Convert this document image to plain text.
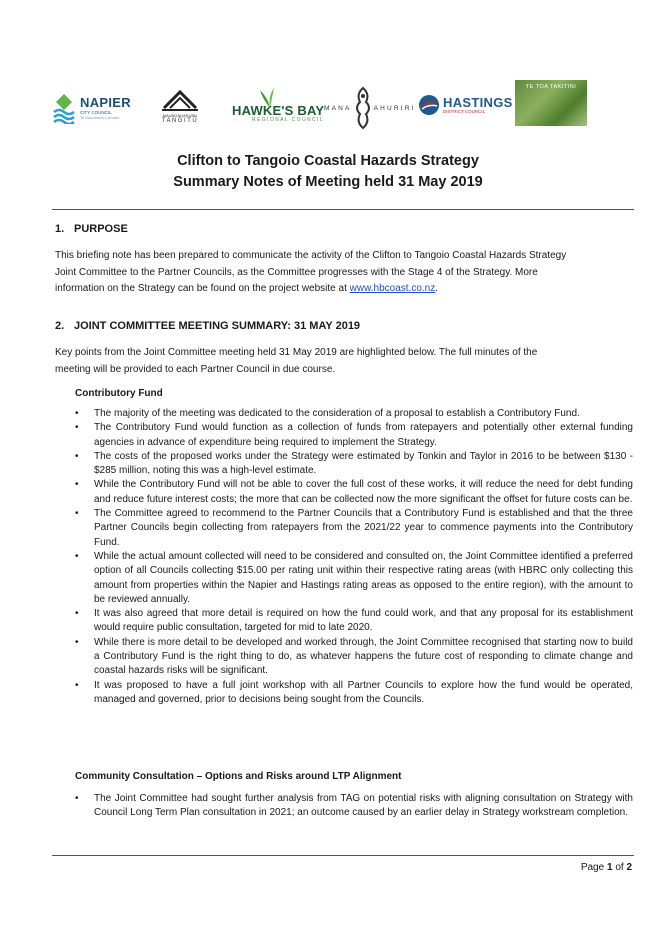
NAPIER
CITY COUNCIL
Te Kaunihera o Ahuriri	MAUNGAHARURU
TANGITŪ
HAWKE'S BAY
REGIONAL COUNCIL
MANA	AHURIRI HASTINGS
DISTRICT COUNCIL
TE TOA TAKITINI
Clifton to Tangoio Coastal Hazards Strategy
Summary Notes of Meeting held 31 May 2019
1. PURPOSE
This briefing note has been prepared to communicate the activity of the Clifton to Tangoio Coastal Hazards Strategy
Joint Committee to the Partner Councils, as the Committee progresses with the Stage 4 of the Strategy. More
information on the Strategy can be found on the project website at www.hbcoast.co.nz.
2. JOINT COMMITTEE MEETING SUMMARY: 31 MAY 2019
Key points from the Joint Committee meeting held 31 May 2019 are highlighted below. The full minutes of the
meeting will be provided to each Partner Council in due course.
Contributory Fund
• The majority of the meeting was dedicated to the consideration of a proposal to establish a Contributory Fund.
• The Contributory Fund would function as a collection of funds from ratepayers and potentially other external funding agencies in advance of expenditure being required to implement the Strategy.
• The costs of the proposed works under the Strategy were estimated by Tonkin and Taylor in 2016 to be between $130 - $285 million, noting this was a high-level estimate.
• While the Contributory Fund will not be able to cover the full cost of these works, it will reduce the need for debt funding and reduce future interest costs; the more that can be collected now the more significant the offset for future costs can be.
• The Committee agreed to recommend to the Partner Councils that a Contributory Fund is established and that the three Partner Councils begin collecting from ratepayers from the 2021/22 year to commence payments into the Contributory Fund.
• While the actual amount collected will need to be considered and consulted on, the Joint Committee identified a preferred option of all Councils collecting $15.00 per rating unit within their respective rating areas (with HBRC only collecting this amount from properties within the Napier and Hastings rating areas as opposed to the entire region), with the amount to be reviewed annually.
• It was also agreed that more detail is required on how the fund could work, and that any proposal for its establishment would require public consultation, targeted for mid to late 2020.
• While there is more detail to be developed and worked through, the Joint Committee recognised that starting now to build a Contributory Fund is the right thing to do, as whatever happens the future cost of responding to climate change and coastal hazards risks will be significant.
• It was proposed to have a full joint workshop with all Partner Councils to explore how the fund would be operated, managed and governed, prior to decisions being sought from the Councils.
Community Consultation – Options and Risks around LTP Alignment
• The Joint Committee had sought further analysis from TAG on potential risks with aligning consultation on Strategy with Council Long Term Plan consultation in 2021; an outcome caused by an earlier delay in Strategy workstream completion.
Page 1 of 2
